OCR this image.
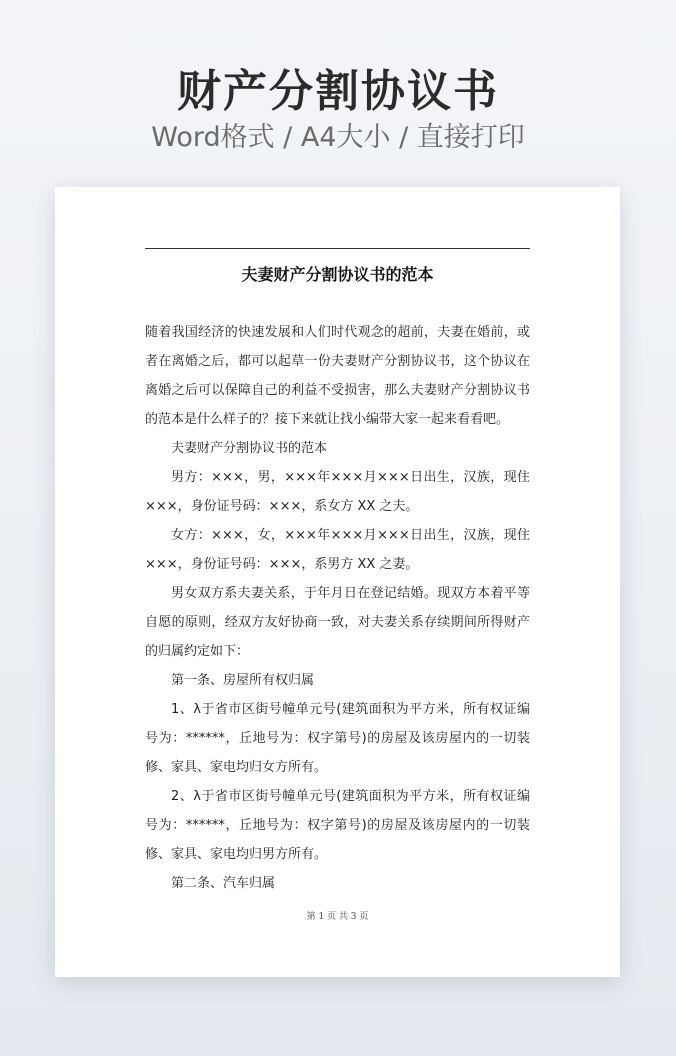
财产分割协议书
Word格式 / A4大小 / 直接打印
夫妻财产分割协议书的范本

随着我国经济的快速发展和人们时代观念的超前，夫妻在婚前，或者在离婚之后，都可以起草一份夫妻财产分割协议书，这个协议在离婚之后可以保障自己的利益不受损害，那么夫妻财产分割协议书的范本是什么样子的？接下来就让找小编带大家一起来看看吧。

夫妻财产分割协议书的范本

男方：×××，男，×××年×××月×××日出生，汉族，现住×××，身份证号码：×××，系女方 XX 之夫。

女方：×××，女，×××年×××月×××日出生，汉族，现住×××，身份证号码：×××，系男方 XX 之妻。

男女双方系夫妻关系，于年月日在登记结婚。现双方本着平等自愿的原则，经双方友好协商一致，对夫妻关系存续期间所得财产的归属约定如下：

第一条、房屋所有权归属

1、λ于省市区街号幢单元号(建筑面积为平方米，所有权证编号为：******，丘地号为：权字第号)的房屋及该房屋内的一切装修、家具、家电均归女方所有。

2、λ于省市区街号幢单元号(建筑面积为平方米，所有权证编号为：******，丘地号为：权字第号)的房屋及该房屋内的一切装修、家具、家电均归男方所有。

第二条、汽车归属

第 1 页 共 3 页
